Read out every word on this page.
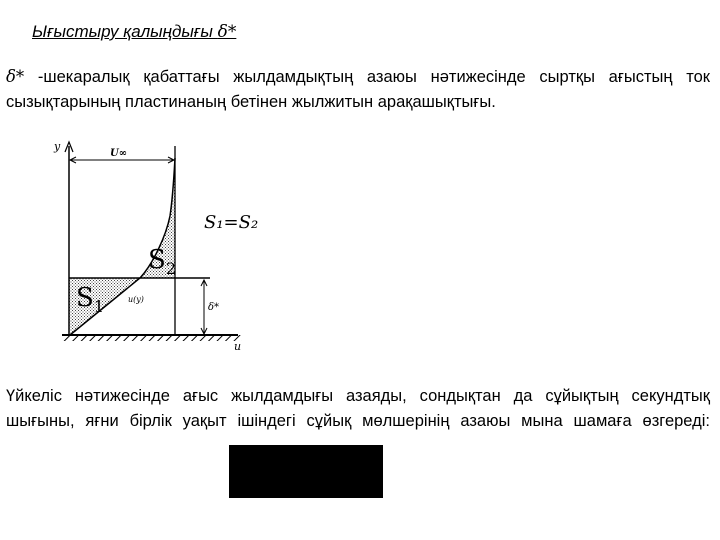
Ығыстыру қалыңдығы δ*
δ* -шекаралық қабаттағы жылдамдықтың азаюы нәтижесінде сыртқы ағыстың ток
сызықтарының пластинаның бетінен жылжитын арақашықтығы.
y
u
U∞
δ*
$S_1$
$S_2$
u(y)
S₁=S₂
Үйкеліс нәтижесінде ағыс жылдамдығы азаяды, сондықтан да сұйықтың секундтық
шығыны, яғни бірлік уақыт ішіндегі сұйық мөлшерінің азаюы мына шамаға өзгереді:
